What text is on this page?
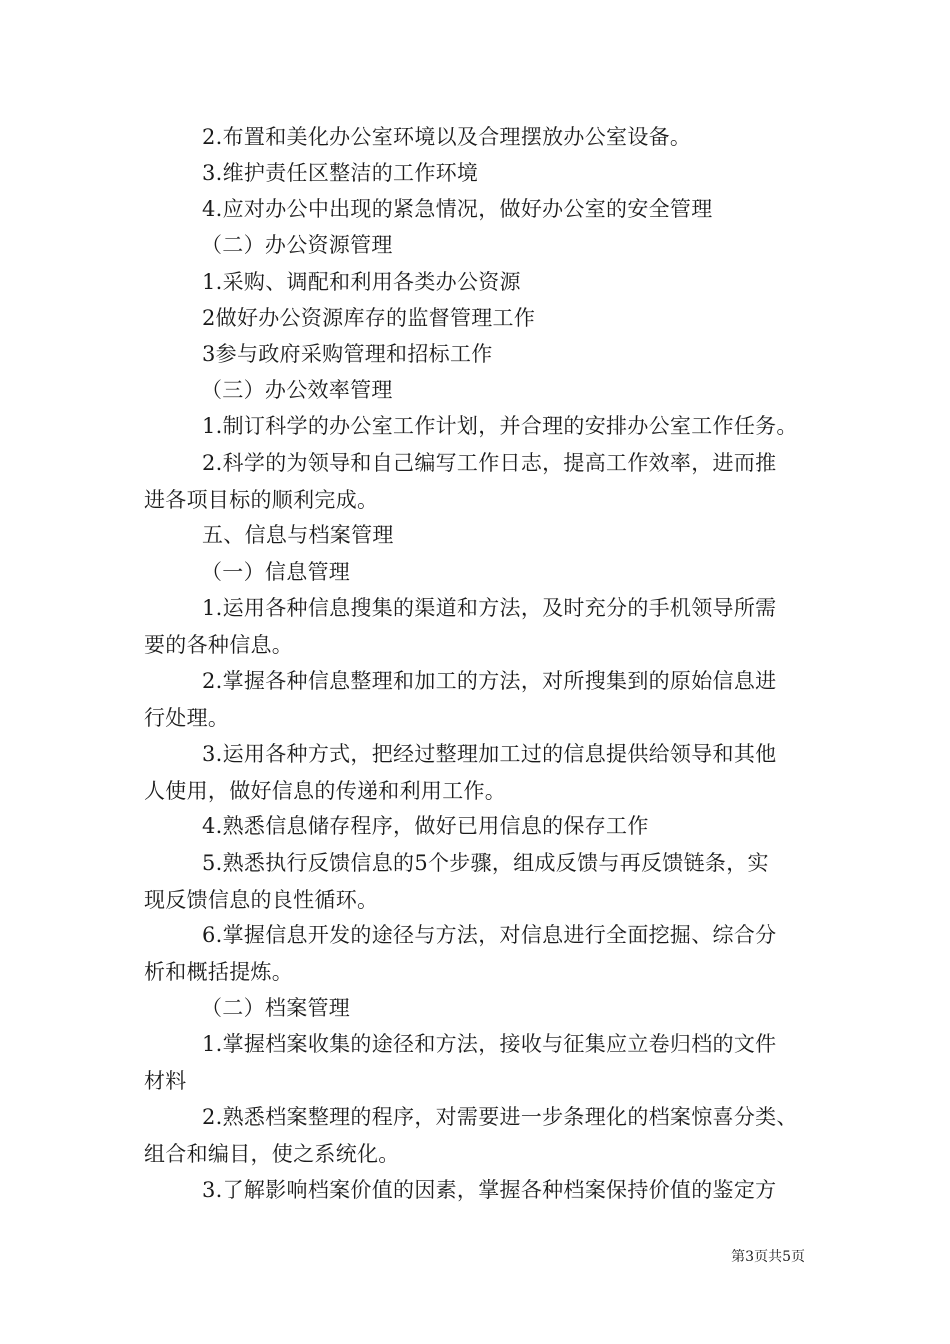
2.布置和美化办公室环境以及合理摆放办公室设备。
3.维护责任区整洁的工作环境
4.应对办公中出现的紧急情况，做好办公室的安全管理
（二）办公资源管理
1.采购、调配和利用各类办公资源
2做好办公资源库存的监督管理工作
3参与政府采购管理和招标工作
（三）办公效率管理
1.制订科学的办公室工作计划，并合理的安排办公室工作任务。
2.科学的为领导和自己编写工作日志，提高工作效率，进而推
进各项目标的顺利完成。
五、信息与档案管理
（一）信息管理
1.运用各种信息搜集的渠道和方法，及时充分的手机领导所需
要的各种信息。
2.掌握各种信息整理和加工的方法，对所搜集到的原始信息进
行处理。
3.运用各种方式，把经过整理加工过的信息提供给领导和其他
人使用，做好信息的传递和利用工作。
4.熟悉信息储存程序，做好已用信息的保存工作
5.熟悉执行反馈信息的5个步骤，组成反馈与再反馈链条，实
现反馈信息的良性循环。
6.掌握信息开发的途径与方法，对信息进行全面挖掘、综合分
析和概括提炼。
（二）档案管理
1.掌握档案收集的途径和方法，接收与征集应立卷归档的文件
材料
2.熟悉档案整理的程序，对需要进一步条理化的档案惊喜分类、
组合和编目，使之系统化。
3.了解影响档案价值的因素，掌握各种档案保持价值的鉴定方
第3页共5页
